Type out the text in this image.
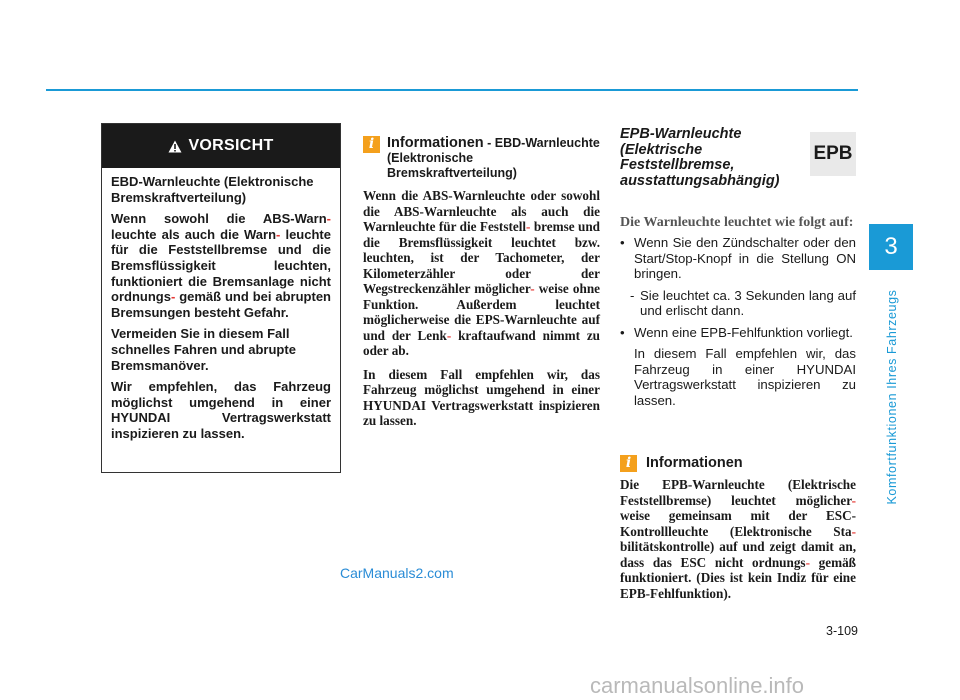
3
Komfortfunktionen Ihres Fahrzeugs
3-109
VORSICHT

EBD-Warnleuchte (Elektronische Bremskraftverteilung)

Wenn sowohl die ABS-Warn- leuchte als auch die Warn- leuchte für die Feststellbremse und die Bremsflüssigkeit leuchten, funktioniert die Bremsanlage nicht ordnungs- gemäß und bei abrupten Bremsungen besteht Gefahr.

Vermeiden Sie in diesem Fall schnelles Fahren und abrupte Bremsmanöver.

Wir empfehlen, das Fahrzeug möglichst umgehend in einer HYUNDAI Vertragswerkstatt inspizieren zu lassen.

i Informationen - EBD-Warnleuchte (Elektronische Bremskraftverteilung)

Wenn die ABS-Warnleuchte oder sowohl die ABS-Warnleuchte als auch die Warnleuchte für die Feststell- bremse und die Bremsflüssigkeit leuchtet bzw. leuchten, ist der Tachometer, der Kilometerzähler oder der Wegstreckenzähler möglicher- weise ohne Funktion. Außerdem leuchtet möglicherweise die EPS-Warnleuchte auf und der Lenk- kraftaufwand nimmt zu oder ab.

In diesem Fall empfehlen wir, das Fahrzeug möglichst umgehend in einer HYUNDAI Vertragswerkstatt inspizieren zu lassen.

EPB-Warnleuchte (Elektrische Feststellbremse, ausstattungsabhängig)
EPB
Die Warnleuchte leuchtet wie folgt auf:
• Wenn Sie den Zündschalter oder den Start/Stop-Knopf in die Stellung ON bringen.
- Sie leuchtet ca. 3 Sekunden lang auf und erlischt dann.
• Wenn eine EPB-Fehlfunktion vorliegt.
In diesem Fall empfehlen wir, das Fahrzeug in einer HYUNDAI Vertragswerkstatt inspizieren zu lassen.
i	Informationen
Die EPB-Warnleuchte (Elektrische Feststellbremse) leuchtet möglicher- weise gemeinsam mit der ESC-Kontrollleuchte (Elektronische Sta- bilitätskontrolle) auf und zeigt damit an, dass das ESC nicht ordnungs- gemäß funktioniert. (Dies ist kein Indiz für eine EPB-Fehlfunktion).
CarManuals2.com
carmanualsonline.info
